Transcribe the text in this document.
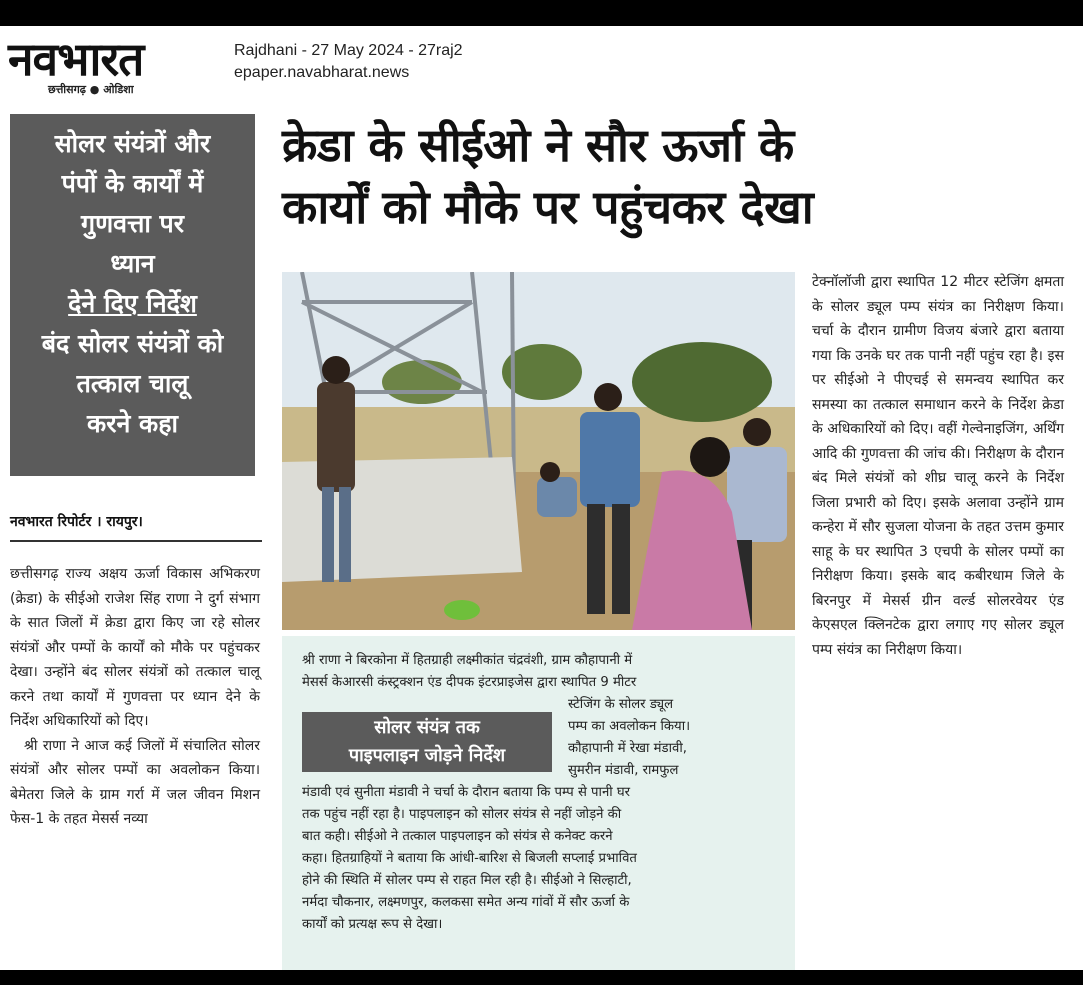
नवभारत
छत्तीसगढ़ ● ओडिशा
Rajdhani - 27 May 2024 - 27raj2
epaper.navabharat.news
क्रेडा के सीईओ ने सौर ऊर्जा के
कार्यों को मौके पर पहुंचकर देखा
सोलर संयंत्रों और
पंपों के कार्यों में
गुणवत्ता पर
ध्यान
देने दिए निर्देश
बंद सोलर संयंत्रों को
तत्काल चालू
करने कहा
नवभारत रिपोर्टर । रायपुर।

छत्तीसगढ़ राज्य अक्षय ऊर्जा विकास अभिकरण (क्रेडा) के सीईओ राजेश सिंह राणा ने दुर्ग संभाग के सात जिलों में क्रेडा द्वारा किए जा रहे सोलर संयंत्रों और पम्पों के कार्यों को मौके पर पहुंचकर देखा। उन्होंने बंद सोलर संयंत्रों को तत्काल चालू करने तथा कार्यों में गुणवत्ता पर ध्यान देने के निर्देश अधिकारियों को दिए।

श्री राणा ने आज कई जिलों में संचालित सोलर संयंत्रों और सोलर पम्पों का अवलोकन किया। बेमेतरा जिले के ग्राम गर्रा में जल जीवन मिशन फेस-1 के तहत मेसर्स नव्या

श्री राणा ने बिरकोना में हितग्राही लक्ष्मीकांत चंद्रवंशी, ग्राम कौहापानी में
मेसर्स केआरसी कंस्ट्रक्शन एंड दीपक इंटरप्राइजेस द्वारा स्थापित 9 मीटर
स्टेजिंग के सोलर ड्यूल
पम्प का अवलोकन किया।
कौहापानी में रेखा मंडावी,
सुमरीन मंडावी, रामफुल
मंडावी एवं सुनीता मंडावी ने चर्चा के दौरान बताया कि पम्प से पानी घर
तक पहुंच नहीं रहा है। पाइपलाइन को सोलर संयंत्र से नहीं जोड़ने की
बात कही। सीईओ ने तत्काल पाइपलाइन को संयंत्र से कनेक्ट करने
कहा। हितग्राहियों ने बताया कि आंधी-बारिश से बिजली सप्लाई प्रभावित
होने की स्थिति में सोलर पम्प से राहत मिल रही है। सीईओ ने सिल्हाटी,
नर्मदा चौकनार, लक्ष्मणपुर, कलकसा समेत अन्य गांवों में सौर ऊर्जा के
कार्यों को प्रत्यक्ष रूप से देखा।
सोलर संयंत्र तक
पाइपलाइन जोड़ने निर्देश
टेक्नॉलॉजी द्वारा स्थापित 12 मीटर स्टेजिंग क्षमता के सोलर ड्यूल पम्प संयंत्र का निरीक्षण किया। चर्चा के दौरान ग्रामीण विजय बंजारे द्वारा बताया गया कि उनके घर तक पानी नहीं पहुंच रहा है। इस पर सीईओ ने पीएचई से समन्वय स्थापित कर समस्या का तत्काल समाधान करने के निर्देश क्रेडा के अधिकारियों को दिए। वहीं गेल्वेनाइजिंग, अर्थिंग आदि की गुणवत्ता की जांच की। निरीक्षण के दौरान बंद मिले संयंत्रों को शीघ्र चालू करने के निर्देश जिला प्रभारी को दिए। इसके अलावा उन्होंने ग्राम कन्हेरा में सौर सुजला योजना के तहत उत्तम कुमार साहू के घर स्थापित 3 एचपी के सोलर पम्पों का निरीक्षण किया। इसके बाद कबीरधाम जिले के बिरनपुर में मेसर्स ग्रीन वर्ल्ड सोलरवेयर एंड केएसएल क्लिनटेक द्वारा लगाए गए सोलर ड्यूल पम्प संयंत्र का निरीक्षण किया।
